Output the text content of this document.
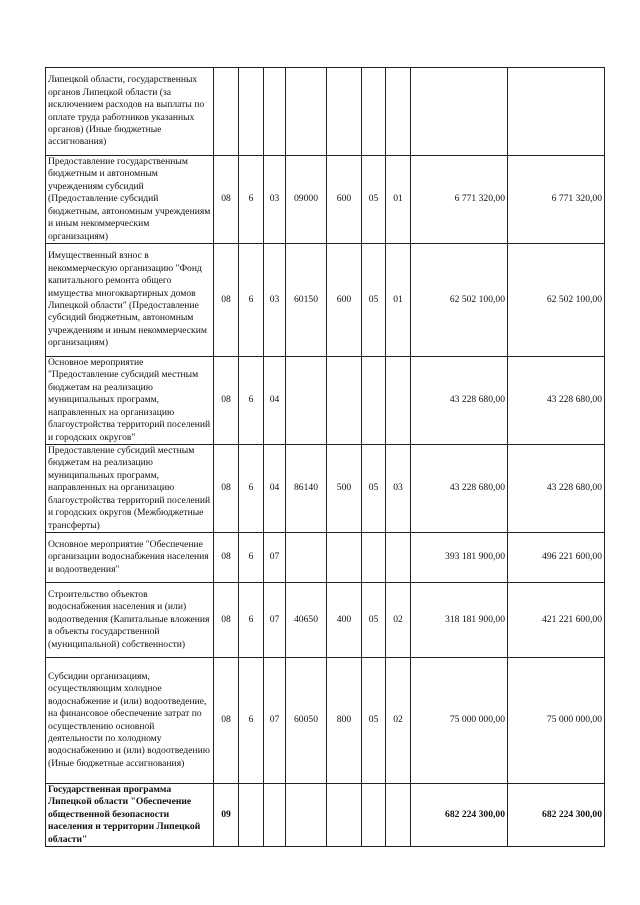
Липецкой области, государственных органов Липецкой области (за исключением расходов на выплаты по оплате труда работников указанных органов) (Иные бюджетные ассигнования)									
Предоставление государственным бюджетным и автономным учреждениям субсидий (Предоставление субсидий бюджетным, автономным учреждениям и иным некоммерческим организациям)	08	6	03	09000	600	05	01	6 771 320,00	6 771 320,00
Имущественный взнос в некоммерческую организацию "Фонд капитального ремонта общего имущества многоквартирных домов Липецкой области" (Предоставление субсидий бюджетным, автономным учреждениям и иным некоммерческим организациям)	08	6	03	60150	600	05	01	62 502 100,00	62 502 100,00
Основное мероприятие "Предоставление субсидий местным бюджетам на реализацию муниципальных программ, направленных на организацию благоустройства территорий поселений и городских округов"	08	6	04					43 228 680,00	43 228 680,00
Предоставление субсидий местным бюджетам на реализацию муниципальных программ, направленных на организацию благоустройства территорий поселений и городских округов (Межбюджетные трансферты)	08	6	04	86140	500	05	03	43 228 680,00	43 228 680,00
Основное мероприятие "Обеспечение организации водоснабжения населения и водоотведения"	08	6	07					393 181 900,00	496 221 600,00
Строительство объектов водоснабжения населения и (или) водоотведения (Капитальные вложения в объекты государственной (муниципальной) собственности)	08	6	07	40650	400	05	02	318 181 900,00	421 221 600,00
Субсидии организациям, осуществляющим холодное водоснабжение и (или) водоотведение, на финансовое обеспечение затрат по осуществлению основной деятельности по холодному водоснабжению и (или) водоотведению (Иные бюджетные ассигнования)	08	6	07	60050	800	05	02	75 000 000,00	75 000 000,00
Государственная программа Липецкой области "Обеспечение общественной безопасности населения и территории Липецкой области"	09							682 224 300,00	682 224 300,00
